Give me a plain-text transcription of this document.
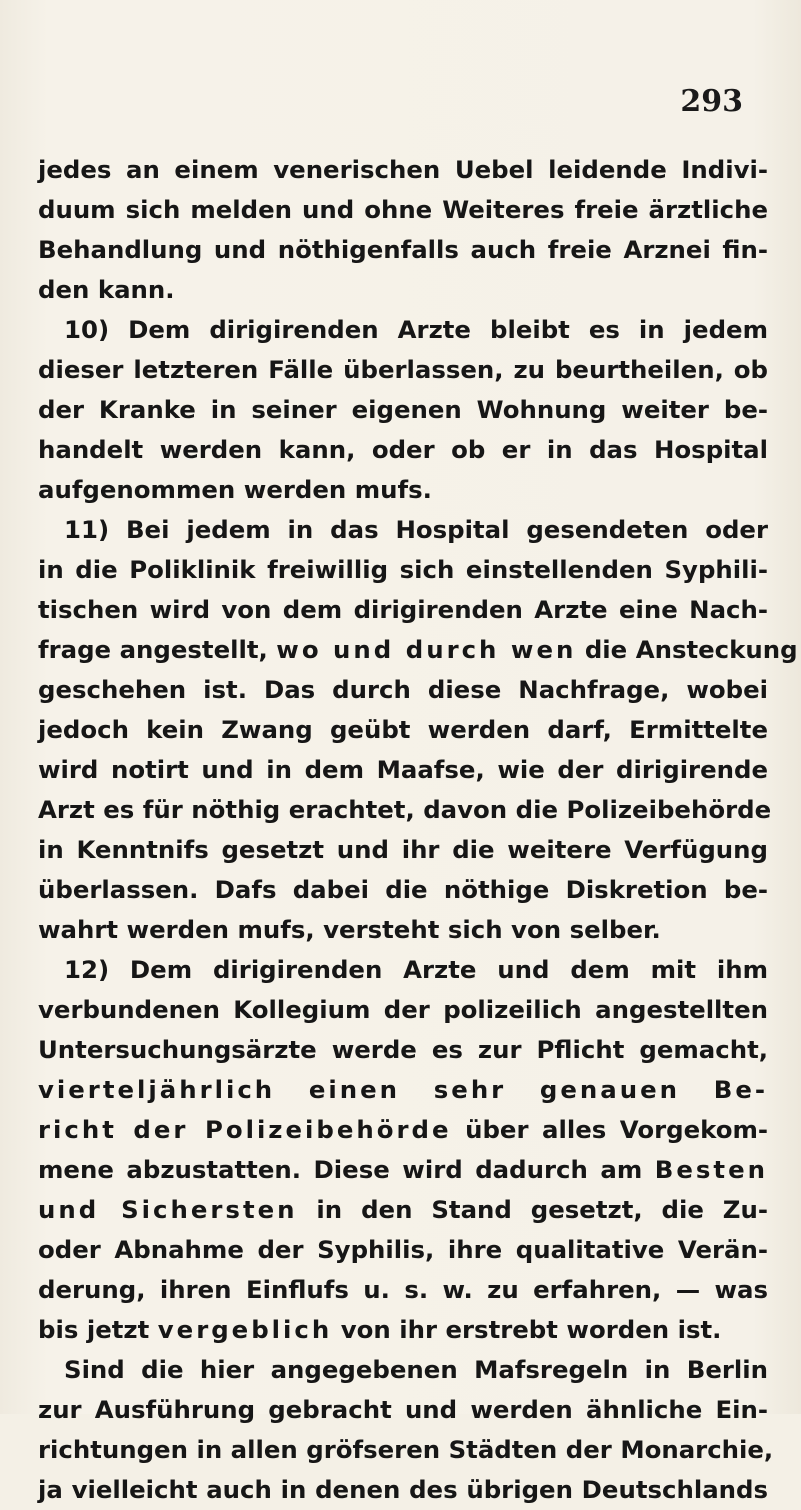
293
jedes an einem venerischen Uebel leidende Indivi-
duum sich melden und ohne Weiteres freie ärztliche
Behandlung und nöthigenfalls auch freie Arznei fin-
den kann.
10) Dem dirigirenden Arzte bleibt es in jedem
dieser letzteren Fälle überlassen, zu beurtheilen, ob
der Kranke in seiner eigenen Wohnung weiter be-
handelt werden kann, oder ob er in das Hospital
aufgenommen werden mufs.
11) Bei jedem in das Hospital gesendeten oder
in die Poliklinik freiwillig sich einstellenden Syphili-
tischen wird von dem dirigirenden Arzte eine Nach-
frage angestellt, wo und durch wen die Ansteckung
geschehen ist. Das durch diese Nachfrage, wobei
jedoch kein Zwang geübt werden darf, Ermittelte
wird notirt und in dem Maafse, wie der dirigirende
Arzt es für nöthig erachtet, davon die Polizeibehörde
in Kenntnifs gesetzt und ihr die weitere Verfügung
überlassen. Dafs dabei die nöthige Diskretion be-
wahrt werden mufs, versteht sich von selber.
12) Dem dirigirenden Arzte und dem mit ihm
verbundenen Kollegium der polizeilich angestellten
Untersuchungsärzte werde es zur Pflicht gemacht,
vierteljährlich einen sehr genauen Be-
richt der Polizeibehörde über alles Vorgekom-
mene abzustatten. Diese wird dadurch am Besten
und Sichersten in den Stand gesetzt, die Zu-
oder Abnahme der Syphilis, ihre qualitative Verän-
derung, ihren Einflufs u. s. w. zu erfahren, — was
bis jetzt vergeblich von ihr erstrebt worden ist.
Sind die hier angegebenen Mafsregeln in Berlin
zur Ausführung gebracht und werden ähnliche Ein-
richtungen in allen gröfseren Städten der Monarchie,
ja vielleicht auch in denen des übrigen Deutschlands
